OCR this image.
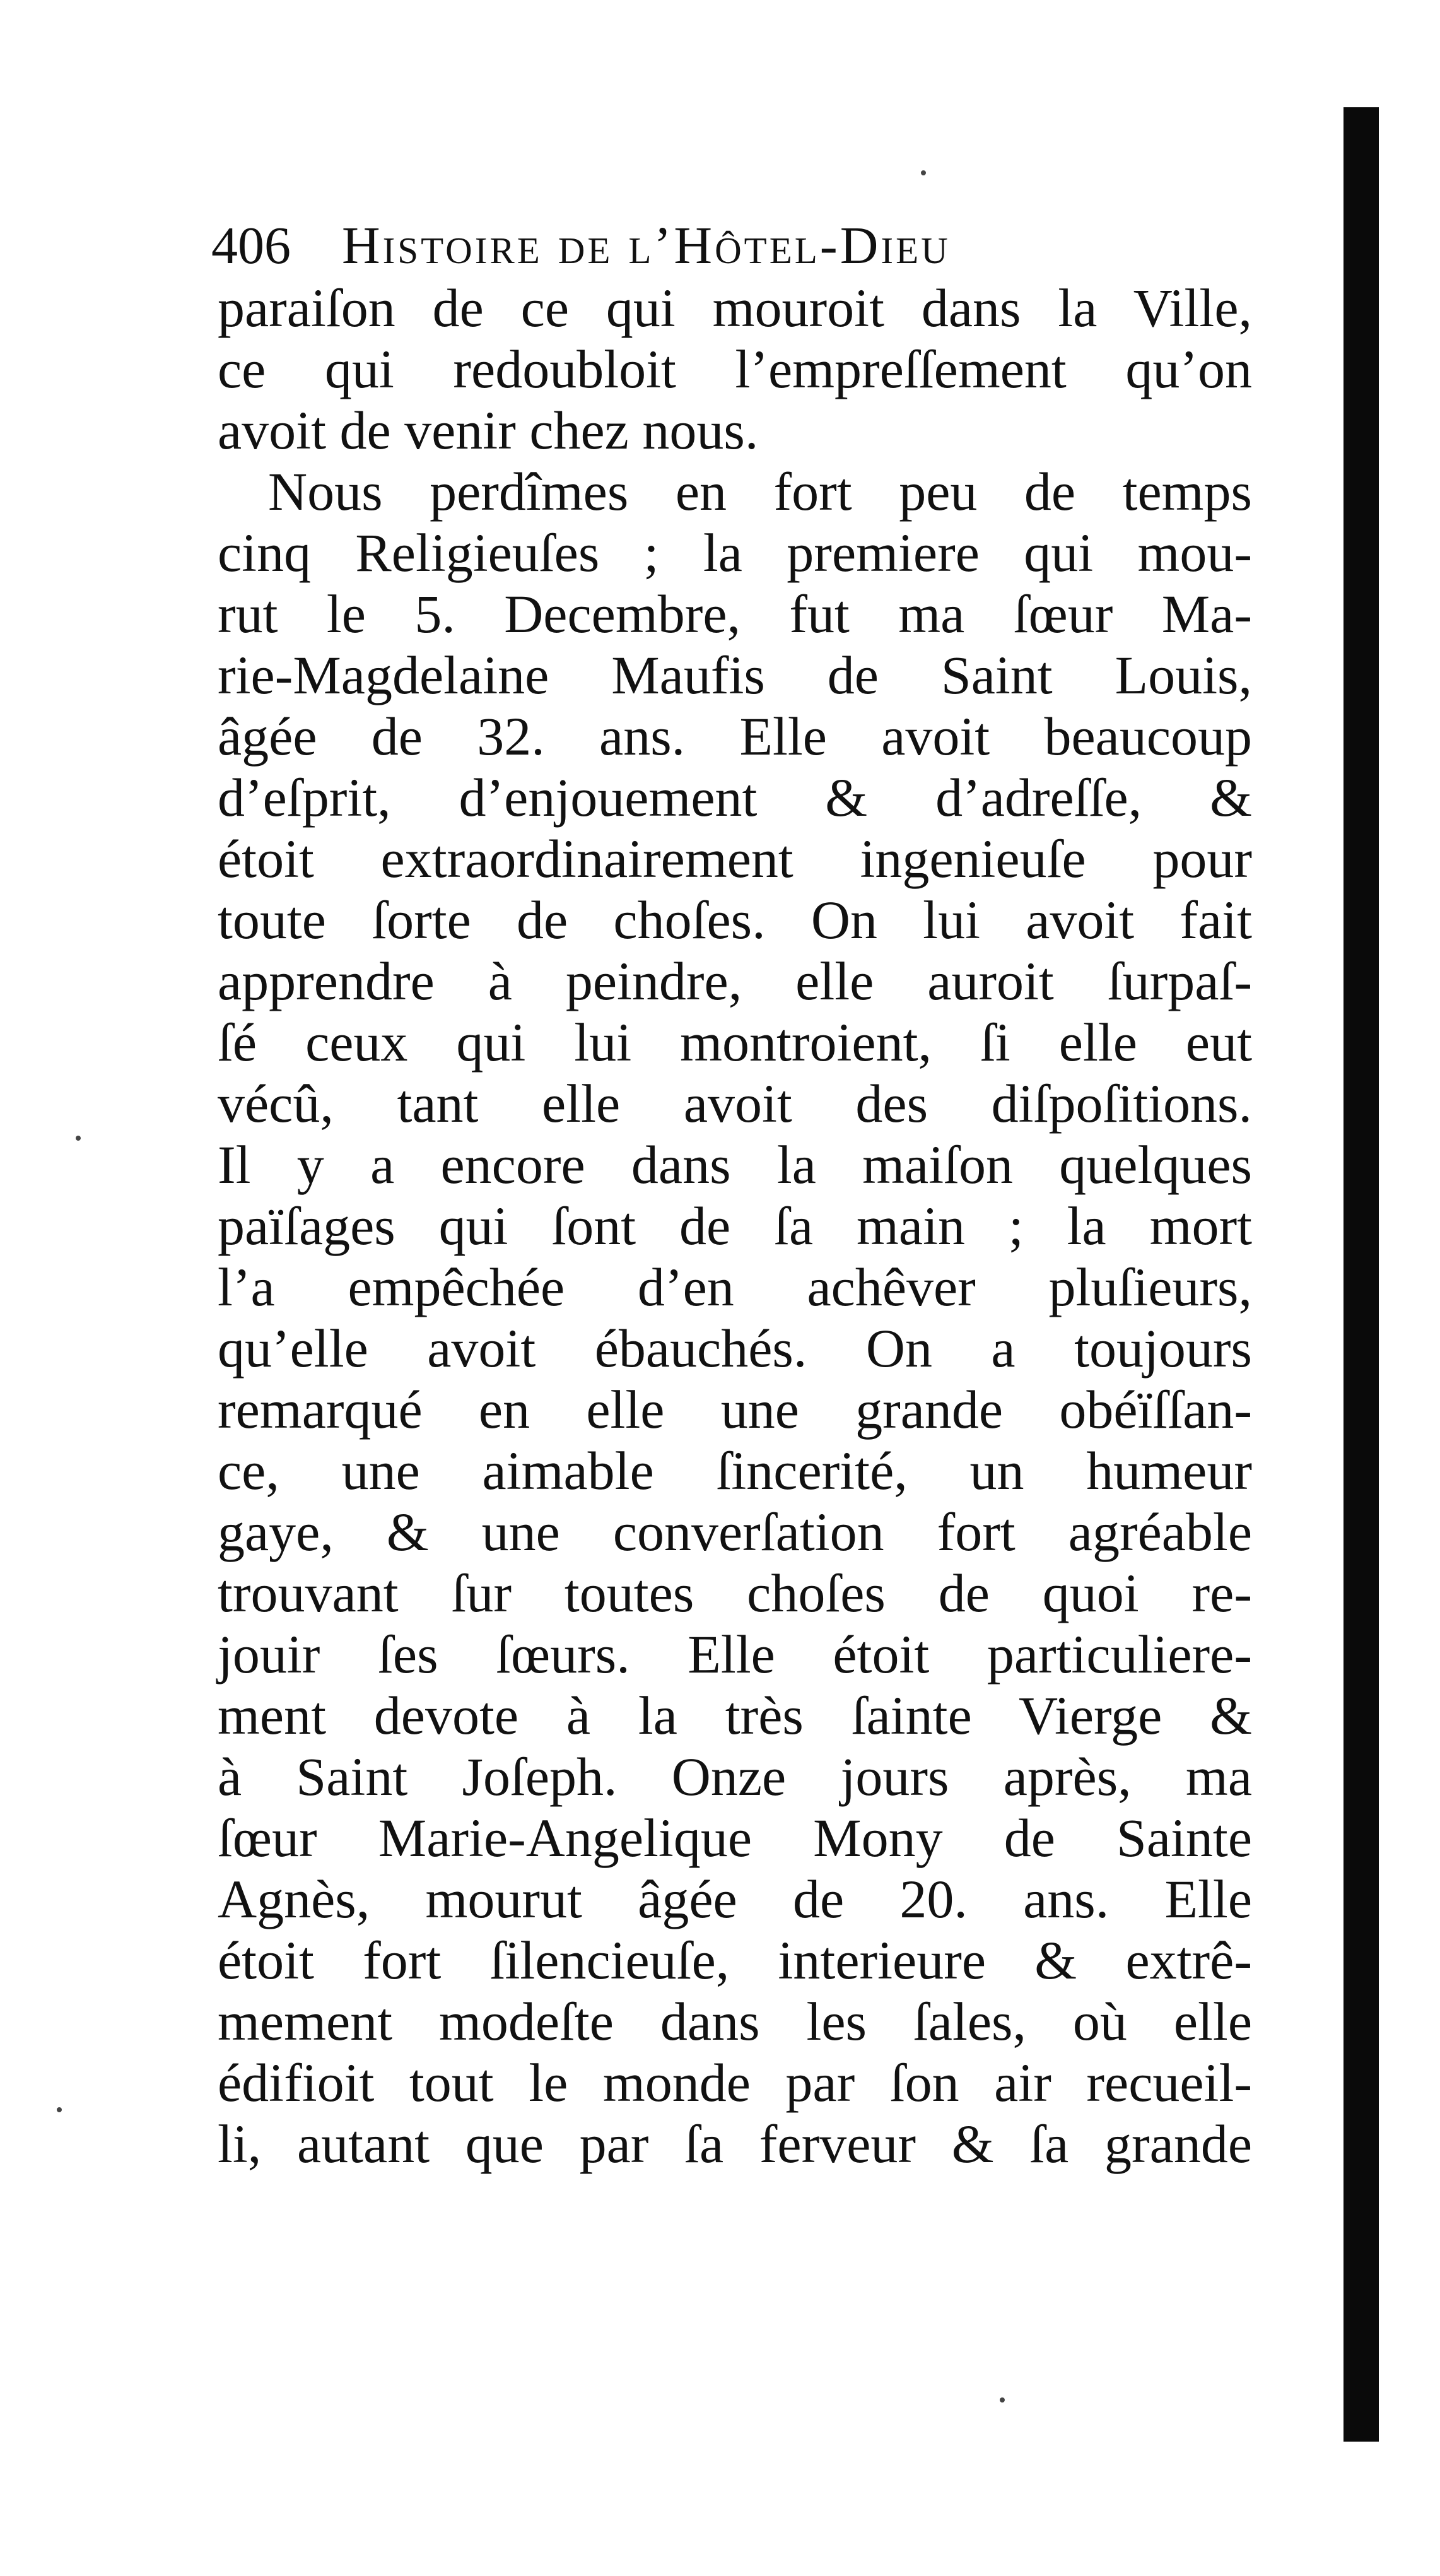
406 Histoire de l’Hôtel-Dieu
paraiſon de ce qui mouroit dans la Ville,
ce qui redoubloit l’empreſſement qu’on
avoit de venir chez nous.
Nous perdîmes en fort peu de temps
cinq Religieuſes ; la premiere qui mou-
rut le 5. Decembre, fut ma ſœur Ma-
rie-Magdelaine Maufis de Saint Louis,
âgée de 32. ans. Elle avoit beaucoup
d’eſprit, d’enjouement & d’adreſſe, &
étoit extraordinairement ingenieuſe pour
toute ſorte de choſes. On lui avoit fait
apprendre à peindre, elle auroit ſurpaſ-
ſé ceux qui lui montroient, ſi elle eut
vécû, tant elle avoit des diſpoſitions.
Il y a encore dans la maiſon quelques
païſages qui ſont de ſa main ; la mort
l’a empêchée d’en achêver pluſieurs,
qu’elle avoit ébauchés. On a toujours
remarqué en elle une grande obéïſſan-
ce, une aimable ſincerité, un humeur
gaye, & une converſation fort agréable
trouvant ſur toutes choſes de quoi re-
jouir ſes ſœurs. Elle étoit particuliere-
ment devote à la très ſainte Vierge &
à Saint Joſeph. Onze jours après, ma
ſœur Marie-Angelique Mony de Sainte
Agnès, mourut âgée de 20. ans. Elle
étoit fort ſilencieuſe, interieure & extrê-
mement modeſte dans les ſales, où elle
édifioit tout le monde par ſon air recueil-
li, autant que par ſa ferveur & ſa grande
